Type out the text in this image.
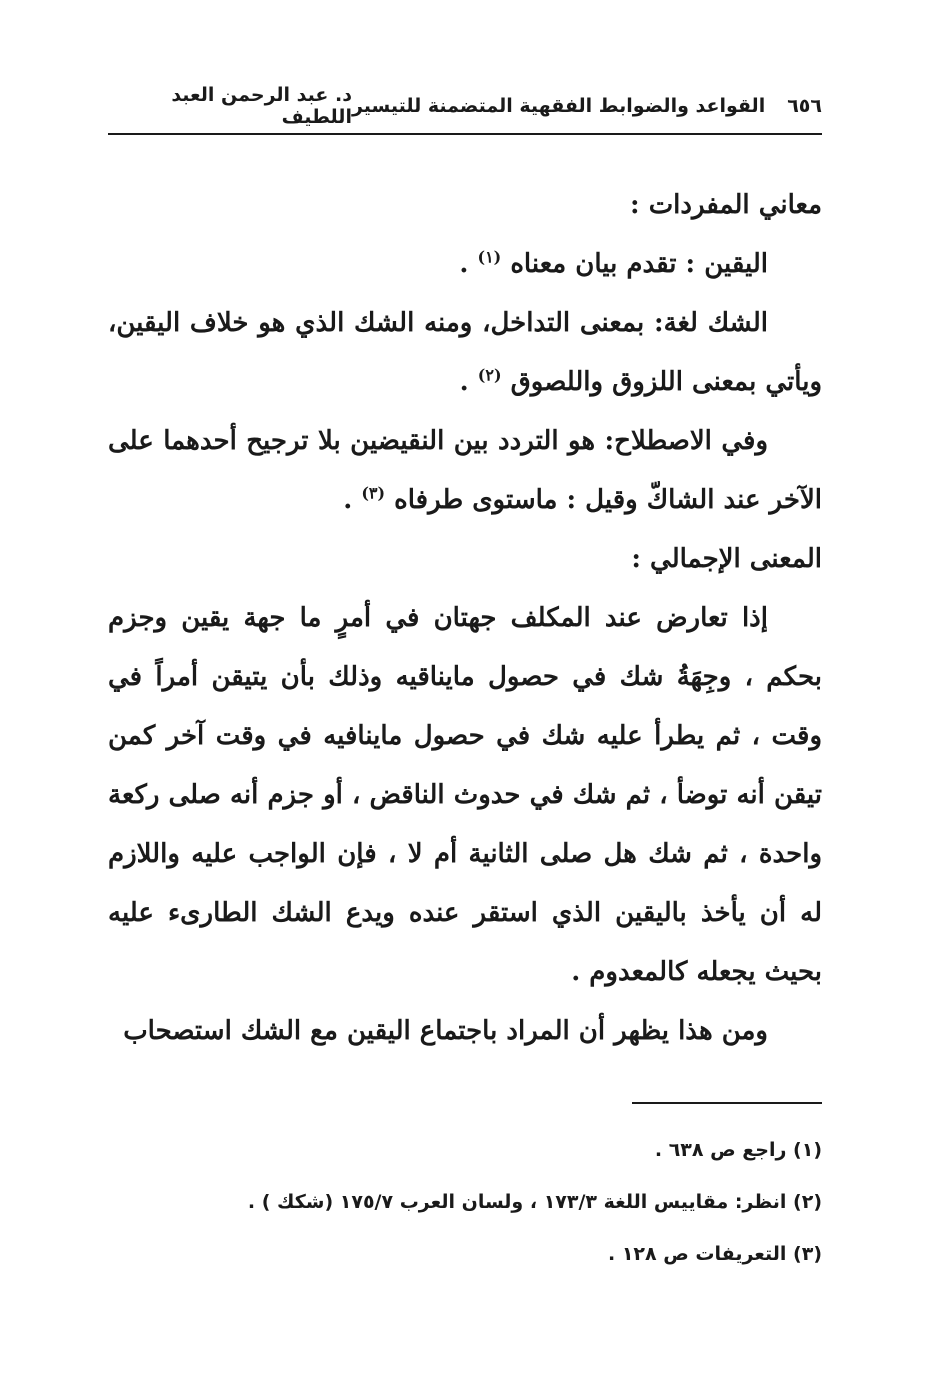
٦٥٦
القواعد والضوابط الفقهية المتضمنة للتيسير
د. عبد الرحمن العبد اللطيف

معاني المفردات :

اليقين : تقدم بيان معناه $^{(١)}$ .

الشك لغة: بمعنى التداخل، ومنه الشك الذي هو خلاف اليقين، ويأتي بمعنى اللزوق واللصوق $^{(٢)}$ .

وفي الاصطلاح: هو التردد بين النقيضين بلا ترجيح أحدهما على الآخر عند الشاكّ وقيل : ماستوى طرفاه $^{(٣)}$ .

المعنى الإجمالي :

إذا تعارض عند المكلف جهتان في أمرٍ ما جهة يقين وجزم بحكم ، وجِهَةُ شك في حصول مايناقيه وذلك بأن يتيقن أمراً في وقت ، ثم يطرأ عليه شك في حصول ماينافيه في وقت آخر كمن تيقن أنه توضأ ، ثم شك في حدوث الناقض ، أو جزم أنه صلى ركعة واحدة ، ثم شك هل صلى الثانية أم لا ، فإن الواجب عليه واللازم له أن يأخذ باليقين الذي استقر عنده ويدع الشك الطارىء عليه بحيث يجعله كالمعدوم .

ومن هذا يظهر أن المراد باجتماع اليقين مع الشك استصحاب

(١) راجع ص ٦٣٨ .
(٢) انظر: مقاييس اللغة ١٧٣/٣ ، ولسان العرب ١٧٥/٧ (شكك ) .
(٣) التعريفات ص ١٢٨ .
